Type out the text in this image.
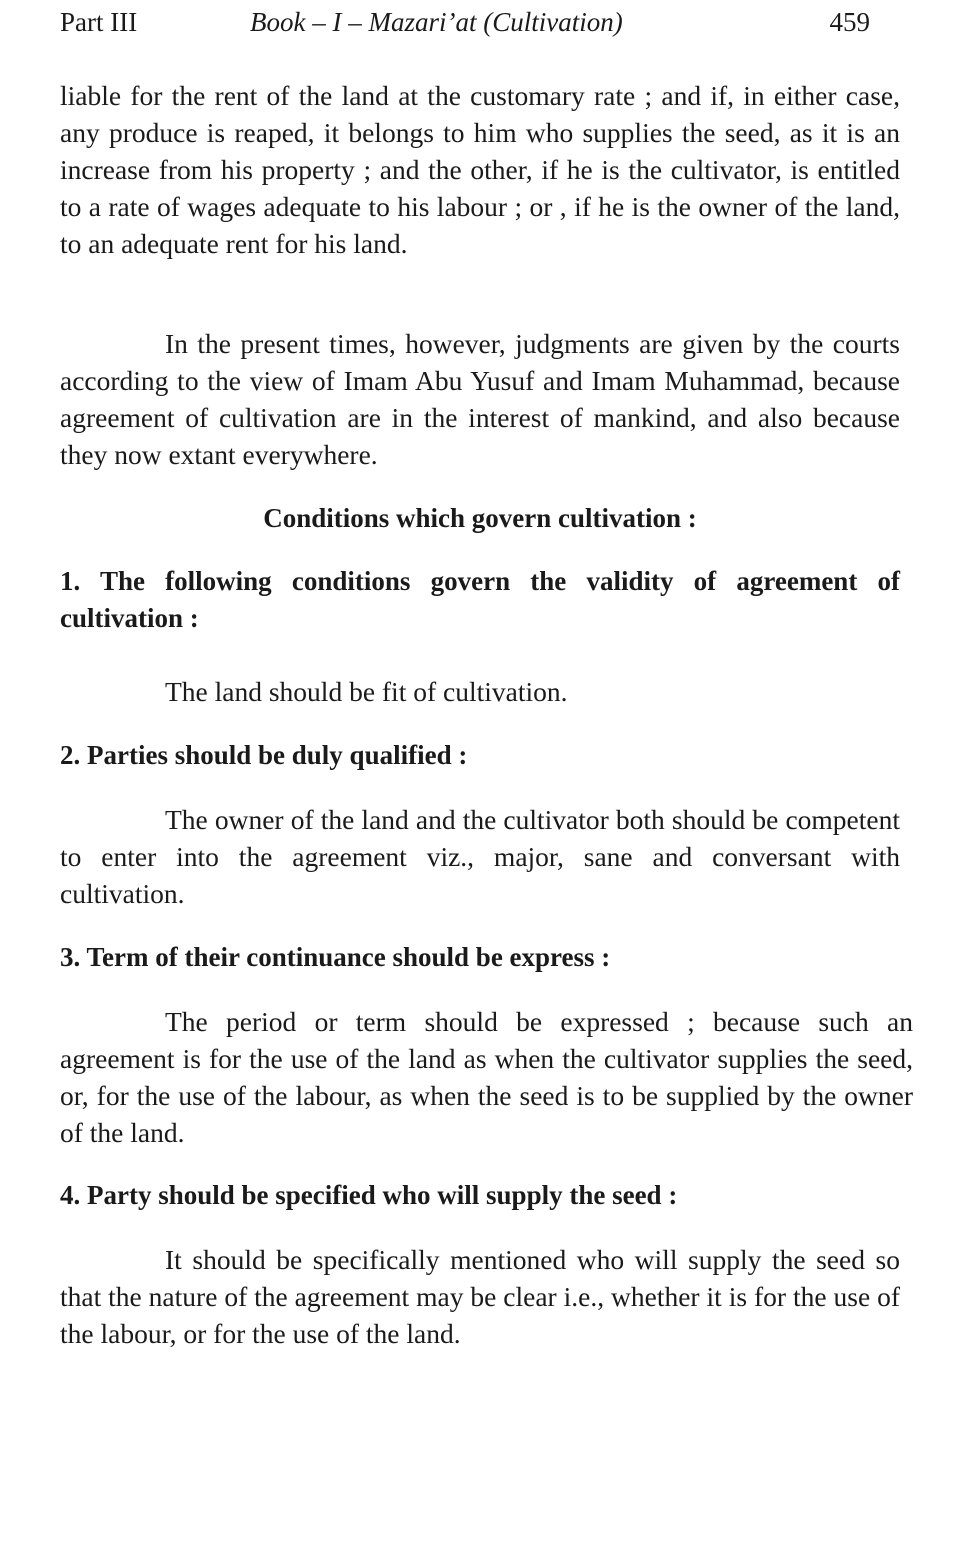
Part III	Book – I – Mazari’at (Cultivation)	459

liable for the rent of the land at the customary rate ; and if, in either case, any produce is reaped, it belongs to him who supplies the seed, as it is an increase from his property ; and the other, if he is the cultivator, is entitled to a rate of wages adequate to his labour ; or , if he is the owner of the land, to an adequate rent for his land.

In the present times, however, judgments are given by the courts according to the view of Imam Abu Yusuf and Imam Muhammad, because agreement of cultivation are in the interest of mankind, and also because they now extant everywhere.

Conditions which govern cultivation :
1. The following conditions govern the validity of agreement of cultivation :

The land should be fit of cultivation.

2. Parties should be duly qualified :

The owner of the land and the cultivator both should be competent to enter into the agreement viz., major, sane and conversant with cultivation.

3. Term of their continuance should be express :

The period or term should be expressed ; because such an agreement is for the use of the land as when the cultivator supplies the seed, or, for the use of the labour, as when the seed is to be supplied by the owner of the land.

4. Party should be specified who will supply the seed :

It should be specifically mentioned who will supply the seed so that the nature of the agreement may be clear i.e., whether it is for the use of the labour, or for the use of the land.
